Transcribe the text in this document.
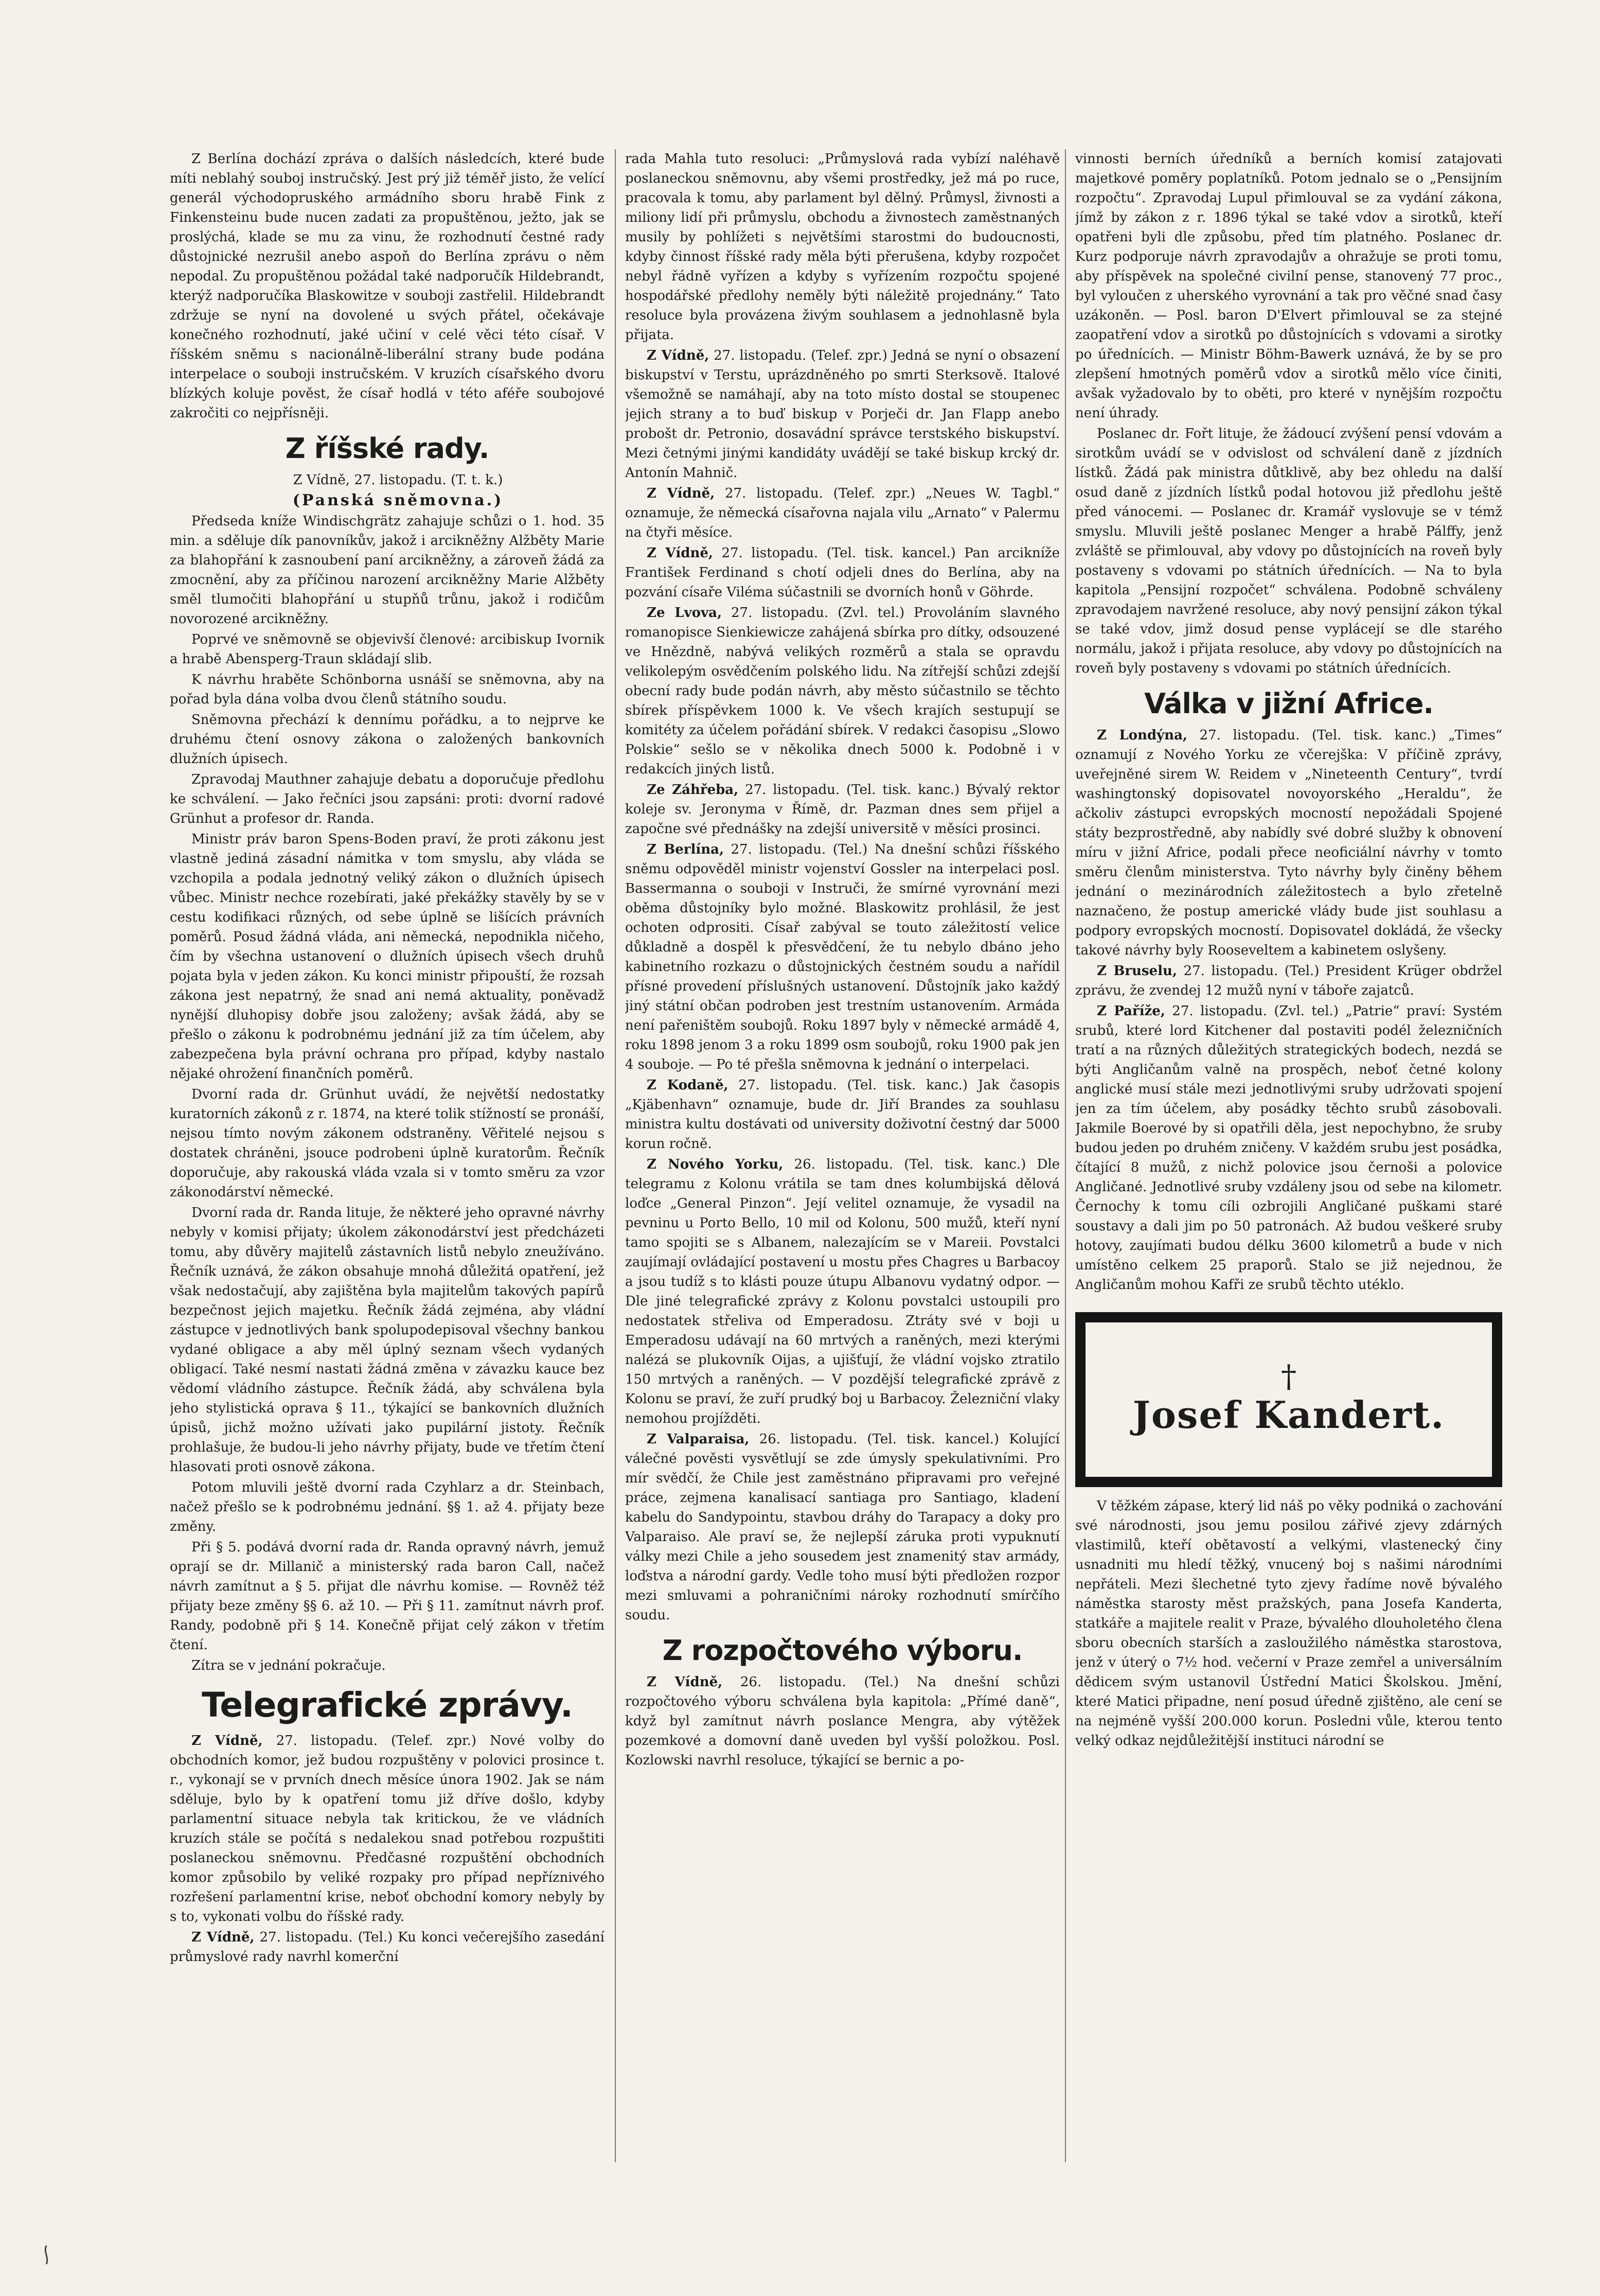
Z Berlína dochází zpráva o dalších následcích, které bude míti neblahý souboj instručský. Jest prý již téměř jisto, že velící generál východopruského armádního sboru hrabě Fink z Finkensteinu bude nucen zadati za propuštěnou, ježto, jak se proslýchá, klade se mu za vinu, že rozhodnutí čestné rady důstojnické nezrušil anebo aspoň do Berlína zprávu o něm nepodal. Zu propuštěnou požádal také nadporučík Hildebrandt, kterýž nadporučíka Blaskowitze v souboji zastřelil. Hildebrandt zdržuje se nyní na dovolené u svých přátel, očekávaje konečného rozhodnutí, jaké učiní v celé věci této císař. V říšském sněmu s nacionálně-liberální strany bude podána interpelace o souboji instručském. V kruzích císařského dvoru blízkých koluje pověst, že císař hodlá v této aféře soubojové zakročiti co nejpřísněji.

Z říšské rady.

Z Vídně, 27. listopadu. (T. t. k.)

(Panská sněmovna.)

Předseda kníže Windischgrätz zahajuje schůzi o 1. hod. 35 min. a sděluje dík panovníkův, jakož i arcikněžny Alžběty Marie za blahopřání k zasnoubení paní arcikněžny, a zároveň žádá za zmocnění, aby za příčinou narození arcikněžny Marie Alžběty směl tlumočiti blahopřání u stupňů trůnu, jakož i rodičům novorozené arcikněžny.

Poprvé ve sněmovně se objevivší členové: arcibiskup Ivornik a hrabě Abensperg-Traun skládají slib.

K návrhu hraběte Schönborna usnáší se sněmovna, aby na pořad byla dána volba dvou členů státního soudu.

Sněmovna přechází k dennímu pořádku, a to nejprve ke druhému čtení osnovy zákona o založených bankovních dlužních úpisech.

Zpravodaj Mauthner zahajuje debatu a doporučuje předlohu ke schválení. — Jako řečníci jsou zapsáni: proti: dvorní radové Grünhut a profesor dr. Randa.

Ministr práv baron Spens-Boden praví, že proti zákonu jest vlastně jediná zásadní námitka v tom smyslu, aby vláda se vzchopila a podala jednotný veliký zákon o dlužních úpisech vůbec. Ministr nechce rozebírati, jaké překážky stavěly by se v cestu kodifikaci různých, od sebe úplně se lišících právních poměrů. Posud žádná vláda, ani německá, nepodnikla ničeho, čím by všechna ustanovení o dlužních úpisech všech druhů pojata byla v jeden zákon. Ku konci ministr připouští, že rozsah zákona jest nepatrný, že snad ani nemá aktuality, poněvadž nynější dluhopisy dobře jsou založeny; avšak žádá, aby se přešlo o zákonu k podrobnému jednání již za tím účelem, aby zabezpečena byla právní ochrana pro případ, kdyby nastalo nějaké ohrožení finančních poměrů.

Dvorní rada dr. Grünhut uvádí, že největší nedostatky kuratorních zákonů z r. 1874, na které tolik stížností se pronáší, nejsou tímto novým zákonem odstraněny. Věřitelé nejsou s dostatek chráněni, jsouce podrobeni úplně kuratorům. Řečník doporučuje, aby rakouská vláda vzala si v tomto směru za vzor zákonodárství německé.

Dvorní rada dr. Randa lituje, že některé jeho opravné návrhy nebyly v komisi přijaty; úkolem zákonodárství jest předcházeti tomu, aby důvěry majitelů zástavních listů nebylo zneužíváno. Řečník uznává, že zákon obsahuje mnohá důležitá opatření, jež však nedostačují, aby zajištěna byla majitelům takových papírů bezpečnost jejich majetku. Řečník žádá zejména, aby vládní zástupce v jednotlivých bank spolupodepisoval všechny bankou vydané obligace a aby měl úplný seznam všech vydaných obligací. Také nesmí nastati žádná změna v závazku kauce bez vědomí vládního zástupce. Řečník žádá, aby schválena byla jeho stylistická oprava § 11., týkající se bankovních dlužních úpisů, jichž možno užívati jako pupilární jistoty. Řečník prohlašuje, že budou-li jeho návrhy přijaty, bude ve třetím čtení hlasovati proti osnově zákona.

Potom mluvili ještě dvorní rada Czyhlarz a dr. Steinbach, načež přešlo se k podrobnému jednání. §§ 1. až 4. přijaty beze změny.

Při § 5. podává dvorní rada dr. Randa opravný návrh, jemuž oprají se dr. Millanič a ministerský rada baron Call, načež návrh zamítnut a § 5. přijat dle návrhu komise. — Rovněž též přijaty beze změny §§ 6. až 10. — Při § 11. zamítnut návrh prof. Randy, podobně při § 14. Konečně přijat celý zákon v třetím čtení.

Zítra se v jednání pokračuje.

Telegrafické zprávy.

Z Vídně, 27. listopadu. (Telef. zpr.) Nové volby do obchodních komor, jež budou rozpuštěny v polovici prosince t. r., vykonají se v prvních dnech měsíce února 1902. Jak se nám sděluje, bylo by k opatření tomu již dříve došlo, kdyby parlamentní situace nebyla tak kritickou, že ve vládních kruzích stále se počítá s nedalekou snad potřebou rozpuštiti poslaneckou sněmovnu. Předčasné rozpuštění obchodních komor způsobilo by veliké rozpaky pro případ nepříznivého rozřešení parlamentní krise, neboť obchodní komory nebyly by s to, vykonati volbu do říšské rady.

Z Vídně, 27. listopadu. (Tel.) Ku konci večerejšího zasedání průmyslové rady navrhl komerční

rada Mahla tuto resoluci: „Průmyslová rada vybízí naléhavě poslaneckou sněmovnu, aby všemi prostředky, jež má po ruce, pracovala k tomu, aby parlament byl dělný. Průmysl, živnosti a miliony lidí při průmyslu, obchodu a živnostech zaměstnaných musily by pohlížeti s největšími starostmi do budoucnosti, kdyby činnost říšské rady měla býti přerušena, kdyby rozpočet nebyl řádně vyřízen a kdyby s vyřízením rozpočtu spojené hospodářské předlohy neměly býti náležitě projednány.“ Tato resoluce byla provázena živým souhlasem a jednohlasně byla přijata.

Z Vídně, 27. listopadu. (Telef. zpr.) Jedná se nyní o obsazení biskupství v Terstu, uprázdněného po smrti Sterksově. Italové všemožně se namáhají, aby na toto místo dostal se stoupenec jejich strany a to buď biskup v Porječi dr. Jan Flapp anebo probošt dr. Petronio, dosavádní správce terstského biskupství. Mezi četnými jinými kandidáty uvádějí se také biskup krcký dr. Antonín Mahnič.

Z Vídně, 27. listopadu. (Telef. zpr.) „Neues W. Tagbl.“ oznamuje, že německá císařovna najala vilu „Arnato“ v Palermu na čtyři měsíce.

Z Vídně, 27. listopadu. (Tel. tisk. kancel.) Pan arcikníže František Ferdinand s chotí odjeli dnes do Berlína, aby na pozvání císaře Viléma súčastnili se dvorních honů v Göhrde.

Ze Lvova, 27. listopadu. (Zvl. tel.) Provoláním slavného romanopisce Sienkiewicze zahájená sbírka pro dítky, odsouzené ve Hnězdně, nabývá velikých rozměrů a stala se opravdu velikolepým osvědčením polského lidu. Na zítřejší schůzi zdejší obecní rady bude podán návrh, aby město súčastnilo se těchto sbírek příspěvkem 1000 k. Ve všech krajích sestupují se komitéty za účelem pořádání sbírek. V redakci časopisu „Slowo Polskie“ sešlo se v několika dnech 5000 k. Podobně i v redakcích jiných listů.

Ze Záhřeba, 27. listopadu. (Tel. tisk. kanc.) Bývalý rektor koleje sv. Jeronyma v Římě, dr. Pazman dnes sem přijel a započne své přednášky na zdejší universitě v měsíci prosinci.

Z Berlína, 27. listopadu. (Tel.) Na dnešní schůzi říšského sněmu odpověděl ministr vojenství Gossler na interpelaci posl. Bassermanna o souboji v Instruči, že smírné vyrovnání mezi oběma důstojníky bylo možné. Blaskowitz prohlásil, že jest ochoten odprositi. Císař zabýval se touto záležitostí velice důkladně a dospěl k přesvědčení, že tu nebylo dbáno jeho kabinetního rozkazu o důstojnických čestném soudu a nařídil přísné provedení příslušných ustanovení. Důstojník jako každý jiný státní občan podroben jest trestním ustanovením. Armáda není pařeništěm soubojů. Roku 1897 byly v německé armádě 4, roku 1898 jenom 3 a roku 1899 osm soubojů, roku 1900 pak jen 4 souboje. — Po té přešla sněmovna k jednání o interpelaci.

Z Kodaně, 27. listopadu. (Tel. tisk. kanc.) Jak časopis „Kjäbenhavn“ oznamuje, bude dr. Jiří Brandes za souhlasu ministra kultu dostávati od university doživotní čestný dar 5000 korun ročně.

Z Nového Yorku, 26. listopadu. (Tel. tisk. kanc.) Dle telegramu z Kolonu vrátila se tam dnes kolumbijská dělová loďce „General Pinzon“. Její velitel oznamuje, že vysadil na pevninu u Porto Bello, 10 mil od Kolonu, 500 mužů, kteří nyní tamo spojiti se s Albanem, nalezajícím se v Mareii. Povstalci zaujímají ovládající postavení u mostu přes Chagres u Barbacoy a jsou tudíž s to klásti pouze útupu Albanovu vydatný odpor. — Dle jiné telegrafické zprávy z Kolonu povstalci ustoupili pro nedostatek střeliva od Emperadosu. Ztráty své v boji u Emperadosu udávají na 60 mrtvých a raněných, mezi kterými nalézá se plukovník Oijas, a ujišťují, že vládní vojsko ztratilo 150 mrtvých a raněných. — V pozdější telegrafické zprávě z Kolonu se praví, že zuří prudký boj u Barbacoy. Železniční vlaky nemohou projížděti.

Z Valparaisa, 26. listopadu. (Tel. tisk. kancel.) Kolující válečné pověsti vysvětlují se zde úmysly spekulativními. Pro mír svědčí, že Chile jest zaměstnáno připravami pro veřejné práce, zejmena kanalisací santiaga pro Santiago, kladení kabelu do Sandypointu, stavbou dráhy do Tarapacy a doky pro Valparaiso. Ale praví se, že nejlepší záruka proti vypuknutí války mezi Chile a jeho sousedem jest znamenitý stav armády, loďstva a národní gardy. Vedle toho musí býti předložen rozpor mezi smluvami a pohraničními nároky rozhodnutí smírčího soudu.

Z rozpočtového výboru.

Z Vídně, 26. listopadu. (Tel.) Na dnešní schůzi rozpočtového výboru schválena byla kapitola: „Přímé daně“, když byl zamítnut návrh poslance Mengra, aby výtěžek pozemkové a domovní daně uveden byl vyšší položkou. Posl. Kozlowski navrhl resoluce, týkající se bernic a po-

vinnosti berních úředníků a berních komisí zatajovati majetkové poměry poplatníků. Potom jednalo se o „Pensijním rozpočtu“. Zpravodaj Lupul přimlouval se za vydání zákona, jímž by zákon z r. 1896 týkal se také vdov a sirotků, kteří opatřeni byli dle způsobu, před tím platného. Poslanec dr. Kurz podporuje návrh zpravodajův a ohražuje se proti tomu, aby příspěvek na společné civilní pense, stanovený 77 proc., byl vyloučen z uherského vyrovnání a tak pro věčné snad časy uzákoněn. — Posl. baron D'Elvert přimlouval se za stejné zaopatření vdov a sirotků po důstojnících s vdovami a sirotky po úřednících. — Ministr Böhm-Bawerk uznává, že by se pro zlepšení hmotných poměrů vdov a sirotků mělo více činiti, avšak vyžadovalo by to oběti, pro které v nynějším rozpočtu není úhrady.

Poslanec dr. Fořt lituje, že žádoucí zvýšení pensí vdovám a sirotkům uvádí se v odvislost od schválení daně z jízdních lístků. Žádá pak ministra důtklivě, aby bez ohledu na další osud daně z jízdních lístků podal hotovou již předlohu ještě před vánocemi. — Poslanec dr. Kramář vyslovuje se v témž smyslu. Mluvili ještě poslanec Menger a hrabě Pálffy, jenž zvláště se přimlouval, aby vdovy po důstojnících na roveň byly postaveny s vdovami po státních úřednících. — Na to byla kapitola „Pensijní rozpočet“ schválena. Podobně schváleny zpravodajem navržené resoluce, aby nový pensijní zákon týkal se také vdov, jimž dosud pense vyplácejí se dle starého normálu, jakož i přijata resoluce, aby vdovy po důstojnících na roveň byly postaveny s vdovami po státních úřednících.

Válka v jižní Africe.

Z Londýna, 27. listopadu. (Tel. tisk. kanc.) „Times“ oznamují z Nového Yorku ze včerejška: V příčině zprávy, uveřejněné sirem W. Reidem v „Nineteenth Century“, tvrdí washingtonský dopisovatel novoyorského „Heraldu“, že ačkoliv zástupci evropských mocností nepožádali Spojené státy bezprostředně, aby nabídly své dobré služby k obnovení míru v jižní Africe, podali přece neoficiální návrhy v tomto směru členům ministerstva. Tyto návrhy byly činěny během jednání o mezinárodních záležitostech a bylo zřetelně naznačeno, že postup americké vlády bude jist souhlasu a podpory evropských mocností. Dopisovatel dokládá, že všecky takové návrhy byly Rooseveltem a kabinetem oslyšeny.

Z Bruselu, 27. listopadu. (Tel.) President Krüger obdržel zprávu, že zvendej 12 mužů nyní v táboře zajatců.

Z Paříže, 27. listopadu. (Zvl. tel.) „Patrie“ praví: Systém srubů, které lord Kitchener dal postaviti podél železničních tratí a na různých důležitých strategických bodech, nezdá se býti Angličanům valně na prospěch, neboť četné kolony anglické musí stále mezi jednotlivými sruby udržovati spojení jen za tím účelem, aby posádky těchto srubů zásobovali. Jakmile Boerové by si opatřili děla, jest nepochybno, že sruby budou jeden po druhém zničeny. V každém srubu jest posádka, čítající 8 mužů, z nichž polovice jsou černoši a polovice Angličané. Jednotlivé sruby vzdáleny jsou od sebe na kilometr. Černochy k tomu cíli ozbrojili Angličané puškami staré soustavy a dali jim po 50 patronách. Až budou veškeré sruby hotovy, zaujímati budou délku 3600 kilometrů a bude v nich umístěno celkem 25 praporů. Stalo se již nejednou, že Angličanům mohou Kafři ze srubů těchto utéklo.

†
Josef Kandert.

V těžkém zápase, který lid náš po věky podniká o zachování své národnosti, jsou jemu posilou zářivé zjevy zdárných vlastimilů, kteří obětavostí a velkými, vlastenecký činy usnadniti mu hledí těžký, vnucený boj s našimi národními nepřáteli. Mezi šlechetné tyto zjevy řadíme nově bývalého náměstka starosty měst pražských, pana Josefa Kanderta, statkáře a majitele realit v Praze, bývalého dlouholetého člena sboru obecních starších a zasloužilého náměstka starostova, jenž v úterý o 7½ hod. večerní v Praze zemřel a universálním dědicem svým ustanovil Ústřední Matici Školskou. Jmění, které Matici připadne, není posud úředně zjištěno, ale cení se na nejméně vyšší 200.000 korun. Posledni vůle, kterou tento velký odkaz nejdůležitější instituci národní se
